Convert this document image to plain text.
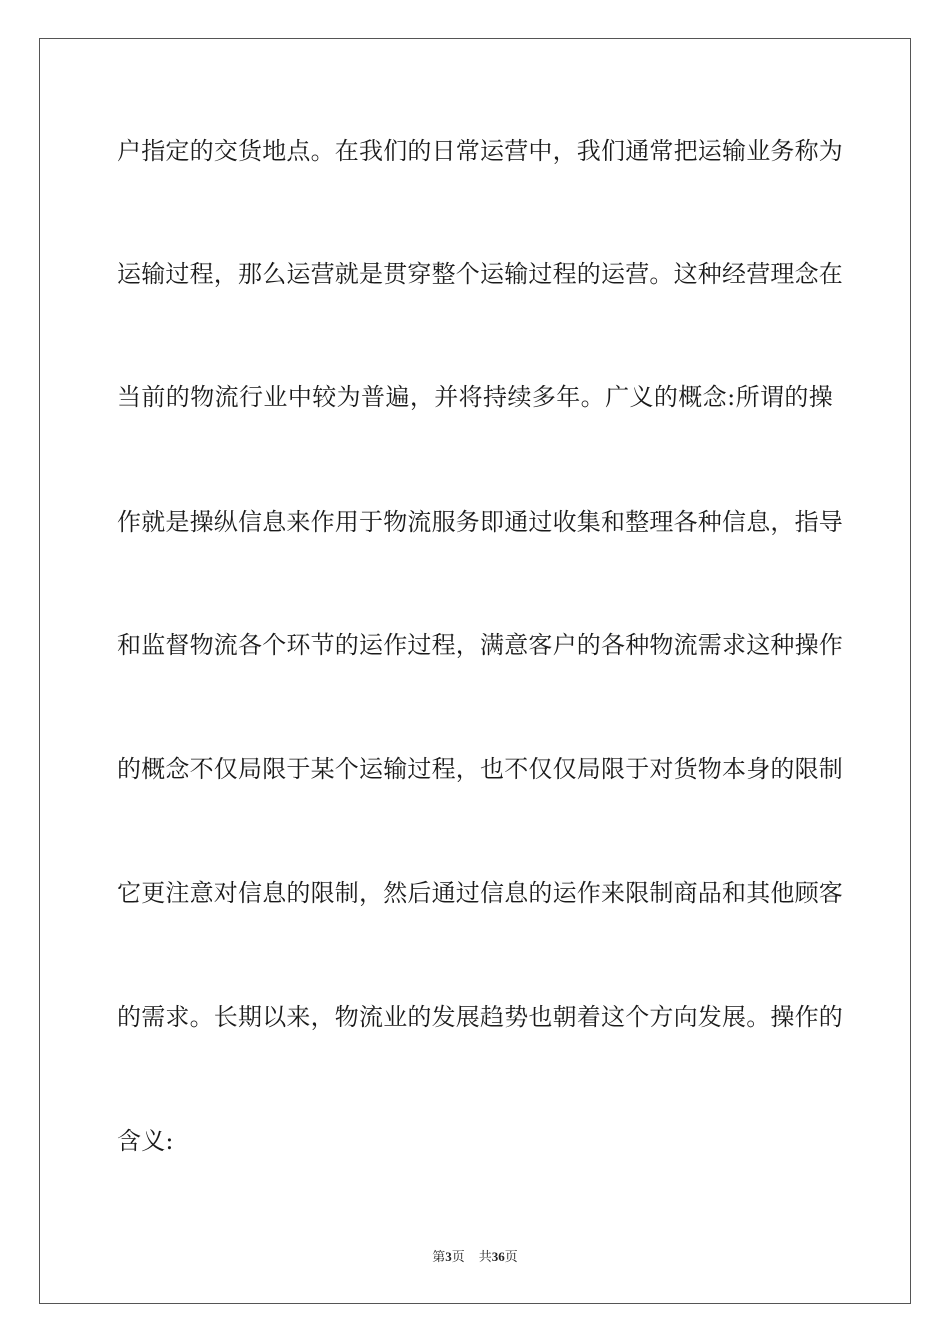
户指定的交货地点。在我们的日常运营中，我们通常把运输业务称为
运输过程，那么运营就是贯穿整个运输过程的运营。这种经营理念在
当前的物流行业中较为普遍，并将持续多年。广义的概念:所谓的操
作就是操纵信息来作用于物流服务即通过收集和整理各种信息，指导
和监督物流各个环节的运作过程，满意客户的各种物流需求这种操作
的概念不仅局限于某个运输过程，也不仅仅局限于对货物本身的限制
它更注意对信息的限制，然后通过信息的运作来限制商品和其他顾客
的需求。长期以来，物流业的发展趋势也朝着这个方向发展。操作的
含义:
第3页 共36页
